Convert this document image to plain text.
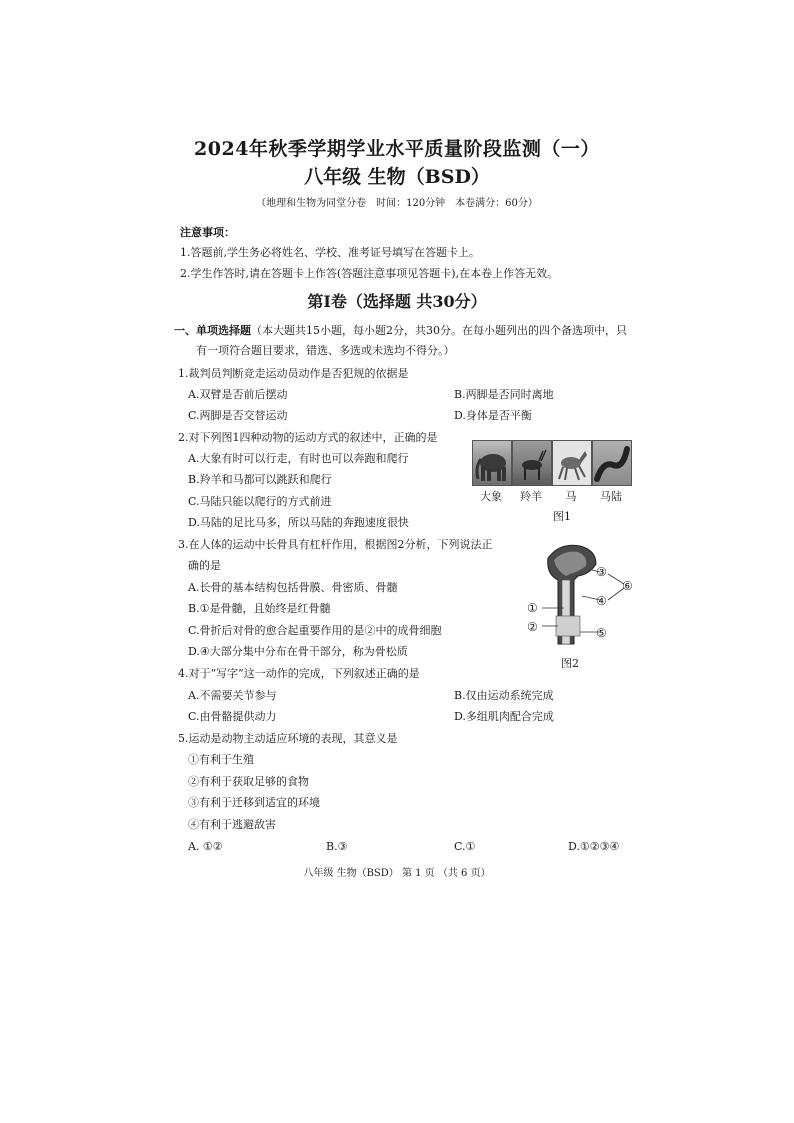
2024年秋季学期学业水平质量阶段监测（一）
八年级 生物（BSD）
（地理和生物为同堂分卷　时间：120分钟　本卷满分：60分）
注意事项：
1.答题前,学生务必将姓名、学校、准考证号填写在答题卡上。
2.学生作答时,请在答题卡上作答(答题注意事项见答题卡),在本卷上作答无效。
第Ⅰ卷（选择题 共30分）
一、单项选择题（本大题共15小题，每小题2分，共30分。在每小题列出的四个备选项中，只
有一项符合题目要求，错选、多选或未选均不得分。）
1.裁判员判断竞走运动员动作是否犯规的依据是
A.双臂是否前后摆动	B.两脚是否同时离地
C.两脚是否交替运动	D.身体是否平衡
2.对下列图1四种动物的运动方式的叙述中，正确的是
A.大象有时可以行走，有时也可以奔跑和爬行
B.羚羊和马都可以跳跃和爬行
C.马陆只能以爬行的方式前进
D.马陆的足比马多，所以马陆的奔跑速度很快
大象	羚羊	马	马陆
图1
3.在人体的运动中长骨具有杠杆作用，根据图2分析，下列说法正
确的是
A.长骨的基本结构包括骨膜、骨密质、骨髓
B.①是骨髓，且始终是红骨髓
C.骨折后对骨的愈合起重要作用的是②中的成骨细胞
D.④大部分集中分布在骨干部分，称为骨松质
③
④
⑥
①
②	⑤
图2
4.对于“写字”这一动作的完成，下列叙述正确的是
A.不需要关节参与	B.仅由运动系统完成
C.由骨骼提供动力	D.多组肌肉配合完成
5.运动是动物主动适应环境的表现，其意义是
①有利于生殖
②有利于获取足够的食物
③有利于迁移到适宜的环境
④有利于逃避敌害
A. ①②	B.③	C.①	D.①②③④
八年级 生物（BSD） 第 1 页 （共 6 页）
